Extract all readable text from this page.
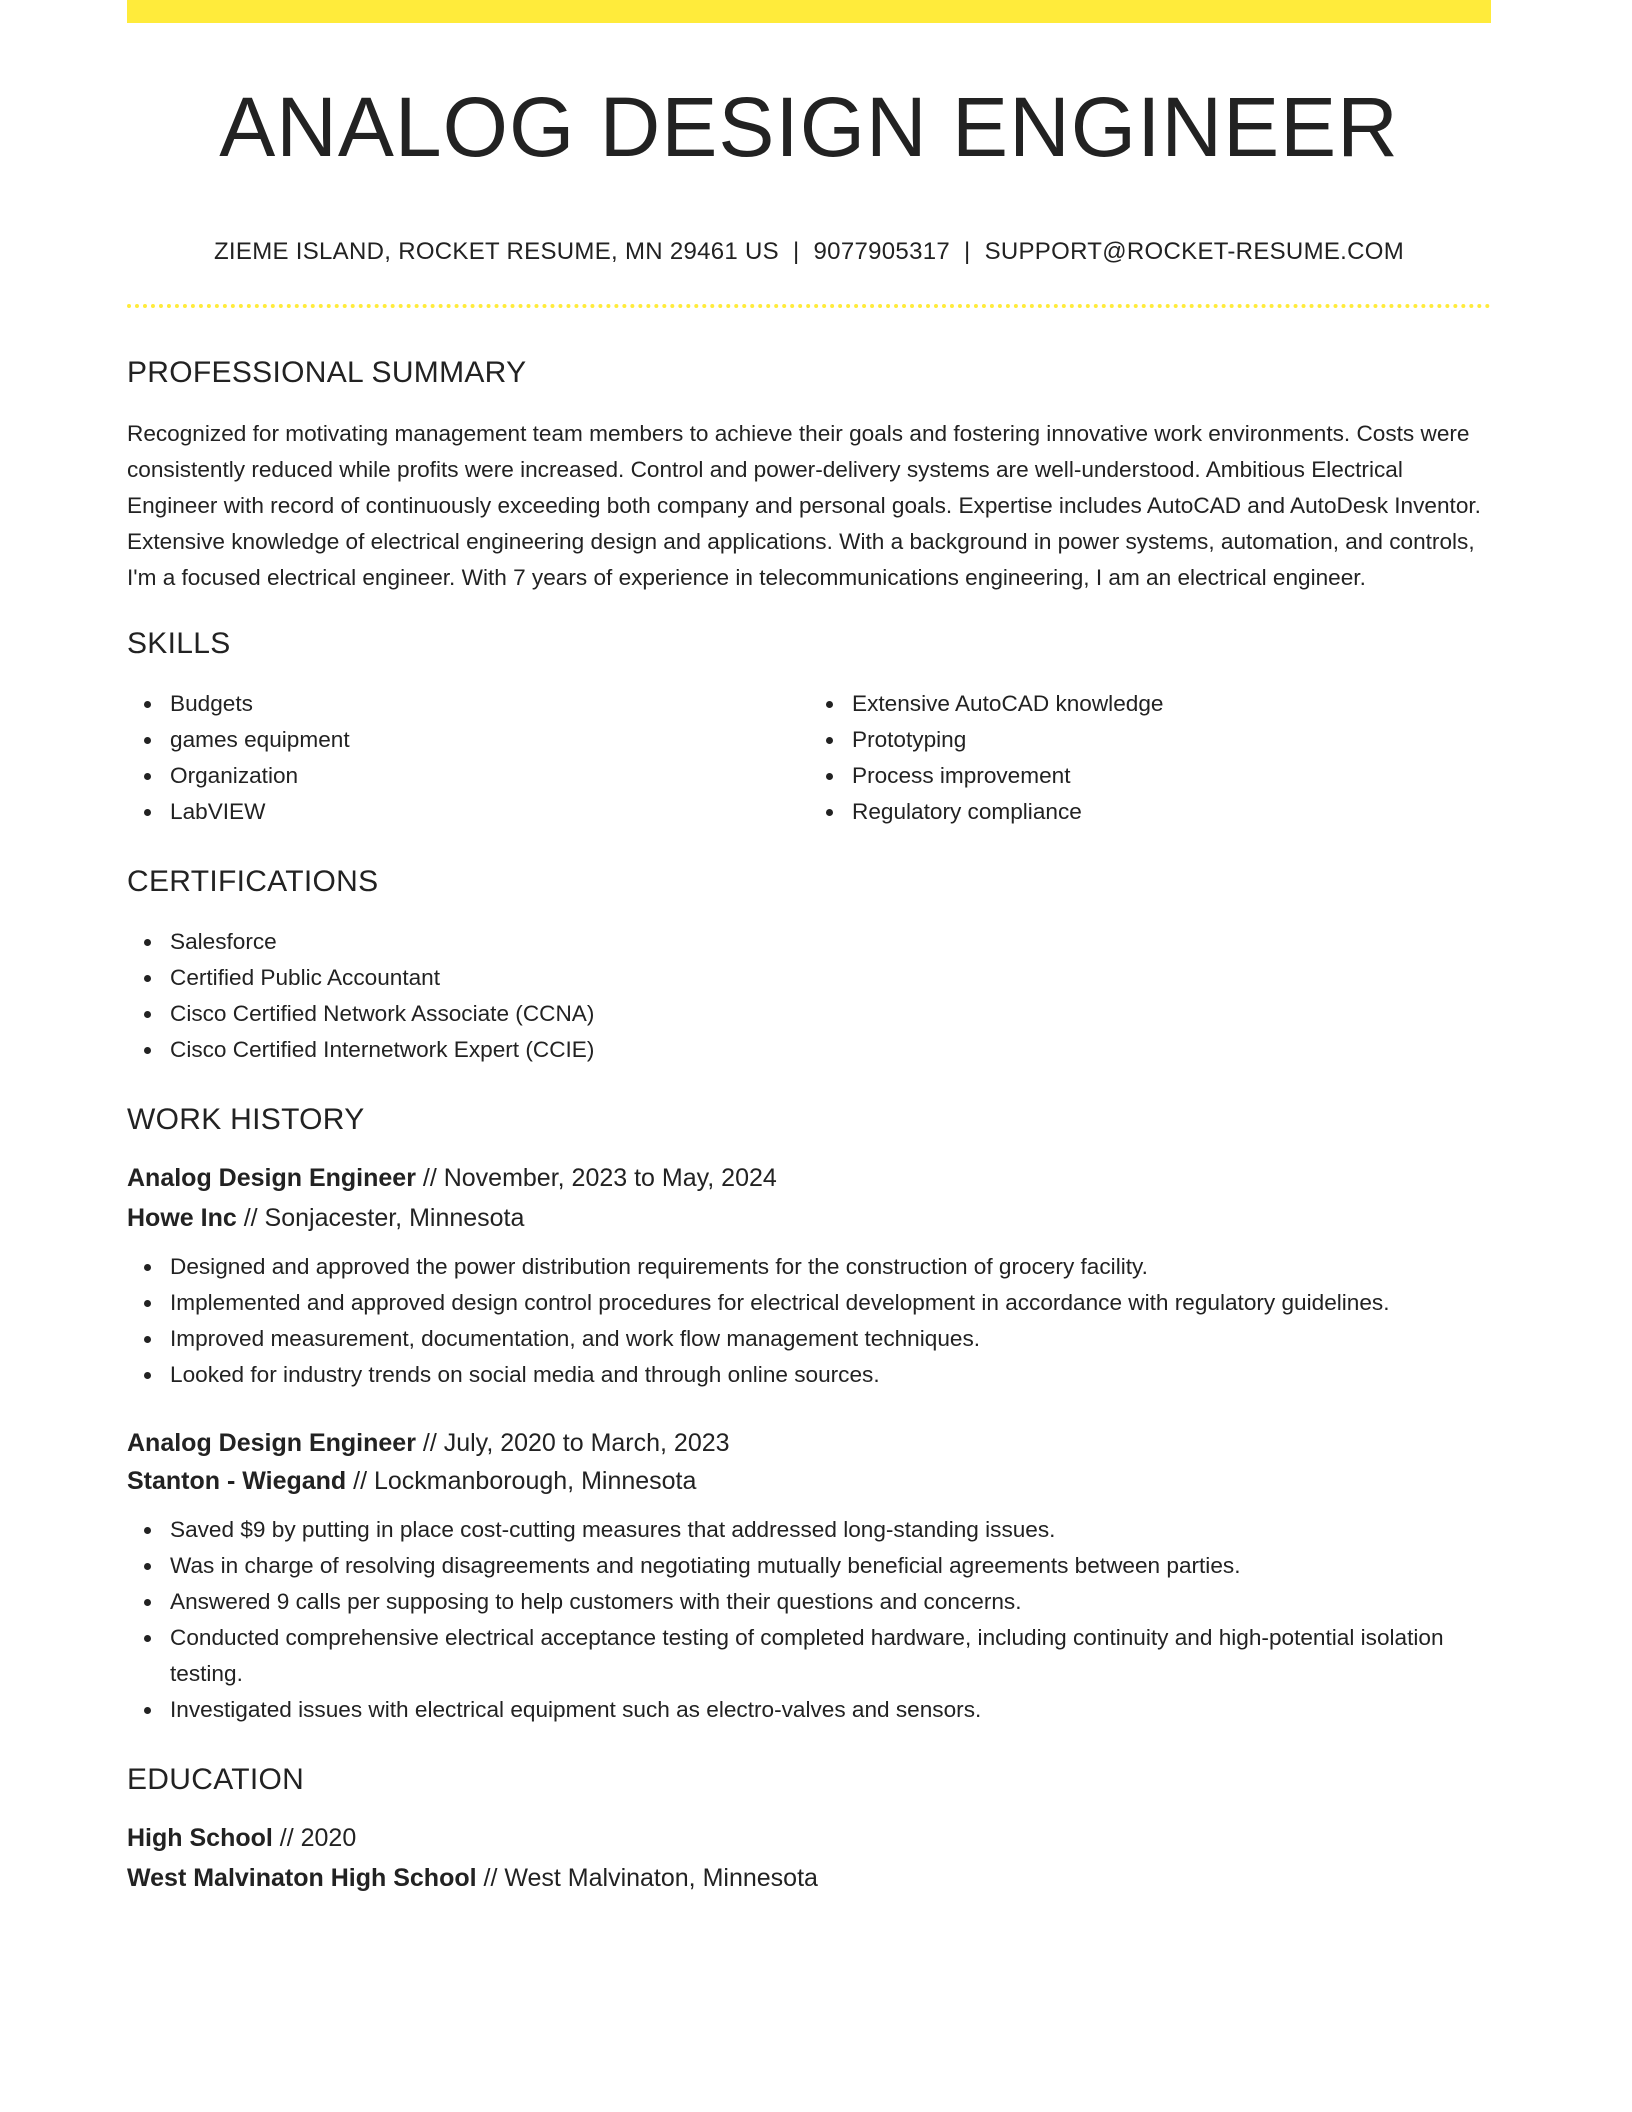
ANALOG DESIGN ENGINEER
ZIEME ISLAND, ROCKET RESUME, MN 29461 US | 9077905317 | SUPPORT@ROCKET-RESUME.COM
PROFESSIONAL SUMMARY

Recognized for motivating management team members to achieve their goals and fostering innovative work environments. Costs were consistently reduced while profits were increased. Control and power-delivery systems are well-understood. Ambitious Electrical Engineer with record of continuously exceeding both company and personal goals. Expertise includes AutoCAD and AutoDesk Inventor. Extensive knowledge of electrical engineering design and applications. With a background in power systems, automation, and controls, I'm a focused electrical engineer. With 7 years of experience in telecommunications engineering, I am an electrical engineer.

SKILLS
Budgets
games equipment
Organization
LabVIEW
Extensive AutoCAD knowledge
Prototyping
Process improvement
Regulatory compliance
CERTIFICATIONS
Salesforce
Certified Public Accountant
Cisco Certified Network Associate (CCNA)
Cisco Certified Internetwork Expert (CCIE)
WORK HISTORY
Analog Design Engineer // November, 2023 to May, 2024
Howe Inc // Sonjacester, Minnesota
Designed and approved the power distribution requirements for the construction of grocery facility.
Implemented and approved design control procedures for electrical development in accordance with regulatory guidelines.
Improved measurement, documentation, and work flow management techniques.
Looked for industry trends on social media and through online sources.
Analog Design Engineer // July, 2020 to March, 2023
Stanton - Wiegand // Lockmanborough, Minnesota
Saved $9 by putting in place cost-cutting measures that addressed long-standing issues.
Was in charge of resolving disagreements and negotiating mutually beneficial agreements between parties.
Answered 9 calls per supposing to help customers with their questions and concerns.
Conducted comprehensive electrical acceptance testing of completed hardware, including continuity and high-potential isolation testing.
Investigated issues with electrical equipment such as electro-valves and sensors.
EDUCATION
High School // 2020
West Malvinaton High School // West Malvinaton, Minnesota
